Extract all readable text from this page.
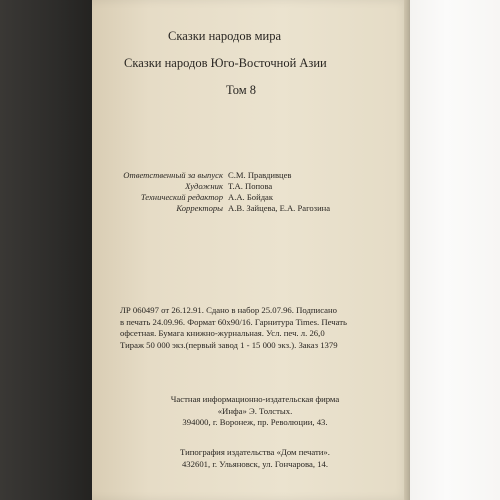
Сказки народов мира
Сказки народов Юго-Восточной Азии
Том 8
Ответственный за выпуск С.М. Правдивцев
Художник Т.А. Попова
Технический редактор А.А. Бойдак
Корректоры А.В. Зайцева, Е.А. Рагозина
ЛР 060497 от 26.12.91. Сдано в набор 25.07.96. Подписано
в печать 24.09.96. Формат 60х90/16. Гарнитура Times. Печать
офсетная. Бумага книжно-журнальная. Усл. печ. л. 26,0
Тираж 50 000 экз.(первый завод 1 - 15 000 экз.). Заказ 1379
Частная информационно-издательская фирма
«Инфа» Э. Толстых.
394000, г. Воронеж, пр. Революции, 43.
Типография издательства «Дом печати».
432601, г. Ульяновск, ул. Гончарова, 14.
